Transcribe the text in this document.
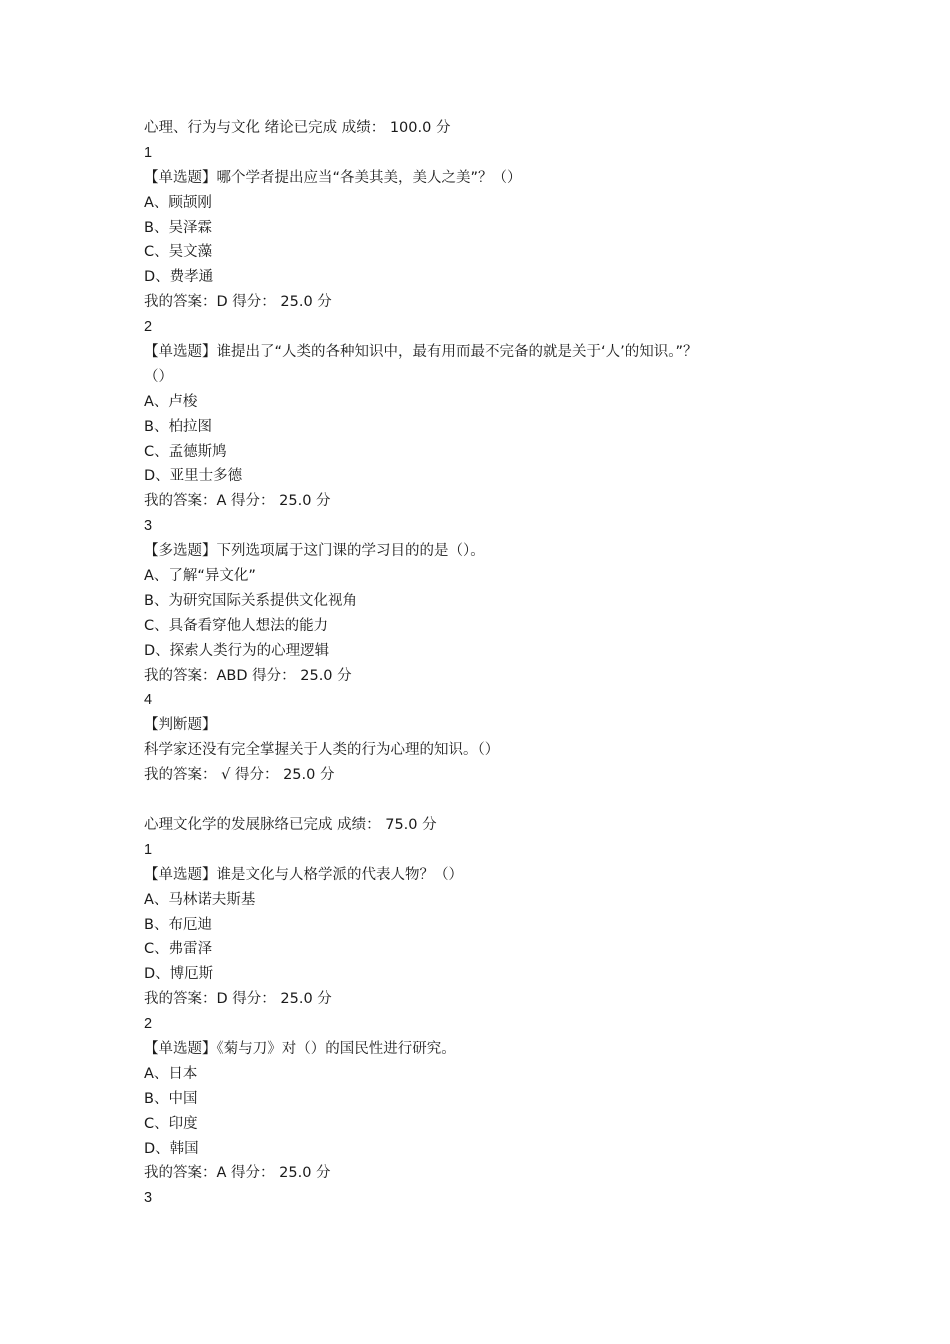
心理、行为与文化 绪论已完成 成绩： 100.0 分
1
【单选题】哪个学者提出应当“各美其美，美人之美”？（）
A、顾颉刚
B、吴泽霖
C、吴文藻
D、费孝通
我的答案：D 得分： 25.0 分
2
【单选题】谁提出了“人类的各种知识中，最有用而最不完备的就是关于‘人’的知识。”？
（）
A、卢梭
B、柏拉图
C、孟德斯鸠
D、亚里士多德
我的答案：A 得分： 25.0 分
3
【多选题】下列选项属于这门课的学习目的的是（）。
A、了解“异文化”
B、为研究国际关系提供文化视角
C、具备看穿他人想法的能力
D、探索人类行为的心理逻辑
我的答案：ABD 得分： 25.0 分
4
【判断题】
科学家还没有完全掌握关于人类的行为心理的知识。（）
我的答案： √ 得分： 25.0 分
心理文化学的发展脉络已完成 成绩： 75.0 分
1
【单选题】谁是文化与人格学派的代表人物？（）
A、马林诺夫斯基
B、布厄迪
C、弗雷泽
D、博厄斯
我的答案：D 得分： 25.0 分
2
【单选题】《菊与刀》对（）的国民性进行研究。
A、日本
B、中国
C、印度
D、韩国
我的答案：A 得分： 25.0 分
3
